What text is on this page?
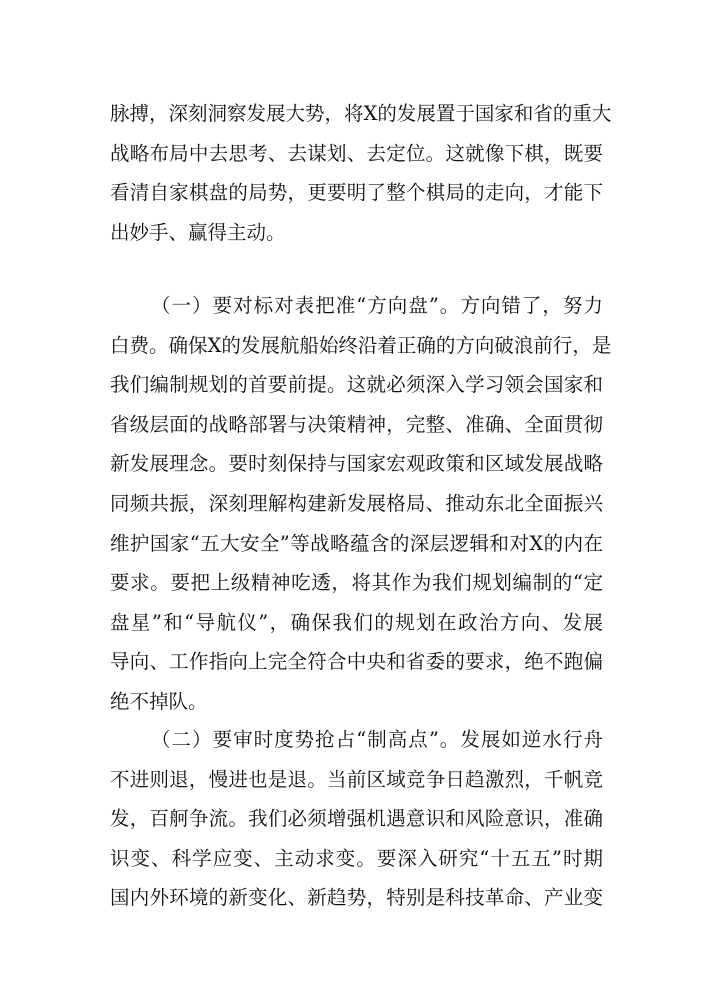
脉搏，深刻洞察发展大势，将X的发展置于国家和省的重大
战略布局中去思考、去谋划、去定位。这就像下棋，既要
看清自家棋盘的局势，更要明了整个棋局的走向，才能下
出妙手、赢得主动。
（一）要对标对表把准“方向盘”。方向错了，努力
白费。确保X的发展航船始终沿着正确的方向破浪前行，是
我们编制规划的首要前提。这就必须深入学习领会国家和
省级层面的战略部署与决策精神，完整、准确、全面贯彻
新发展理念。要时刻保持与国家宏观政策和区域发展战略
同频共振，深刻理解构建新发展格局、推动东北全面振兴
维护国家“五大安全”等战略蕴含的深层逻辑和对X的内在
要求。要把上级精神吃透，将其作为我们规划编制的“定
盘星”和“导航仪”，确保我们的规划在政治方向、发展
导向、工作指向上完全符合中央和省委的要求，绝不跑偏
绝不掉队。
（二）要审时度势抢占“制高点”。发展如逆水行舟
不进则退，慢进也是退。当前区域竞争日趋激烈，千帆竞
发，百舸争流。我们必须增强机遇意识和风险意识，准确
识变、科学应变、主动求变。要深入研究“十五五”时期
国内外环境的新变化、新趋势，特别是科技革命、产业变
